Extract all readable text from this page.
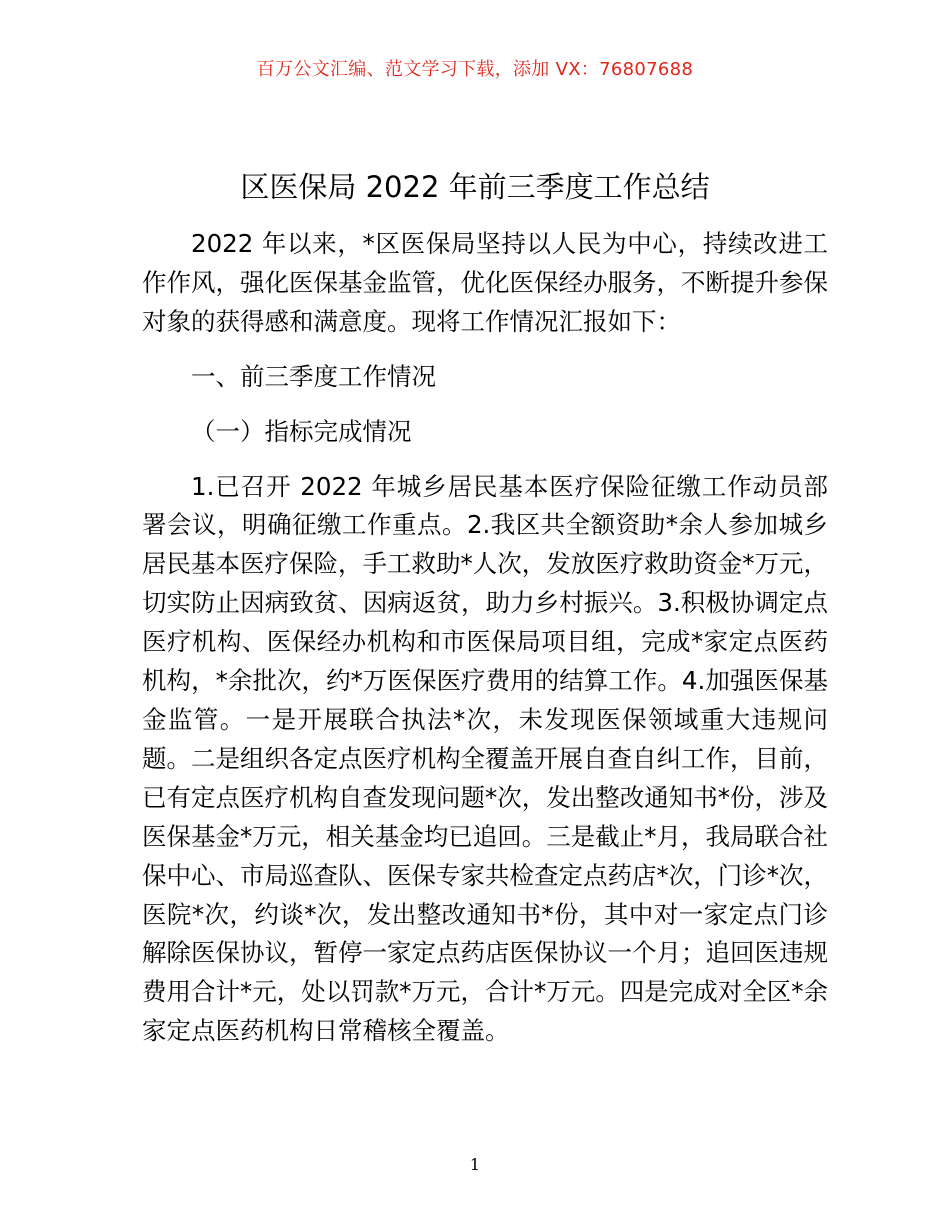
百万公文汇编、范文学习下载，添加 VX：76807688
区医保局 2022 年前三季度工作总结

2022 年以来，*区医保局坚持以人民为中心，持续改进工作作风，强化医保基金监管，优化医保经办服务，不断提升参保对象的获得感和满意度。现将工作情况汇报如下：

一、前三季度工作情况

（一）指标完成情况

1.已召开 2022 年城乡居民基本医疗保险征缴工作动员部署会议，明确征缴工作重点。2.我区共全额资助*余人参加城乡居民基本医疗保险，手工救助*人次，发放医疗救助资金*万元，切实防止因病致贫、因病返贫，助力乡村振兴。3.积极协调定点医疗机构、医保经办机构和市医保局项目组，完成*家定点医药机构，*余批次，约*万医保医疗费用的结算工作。4.加强医保基金监管。一是开展联合执法*次，未发现医保领域重大违规问题。二是组织各定点医疗机构全覆盖开展自查自纠工作，目前，已有定点医疗机构自查发现问题*次，发出整改通知书*份，涉及医保基金*万元，相关基金均已追回。三是截止*月，我局联合社保中心、市局巡查队、医保专家共检查定点药店*次，门诊*次，医院*次，约谈*次，发出整改通知书*份，其中对一家定点门诊解除医保协议，暂停一家定点药店医保协议一个月；追回医违规费用合计*元，处以罚款*万元，合计*万元。四是完成对全区*余家定点医药机构日常稽核全覆盖。

1
